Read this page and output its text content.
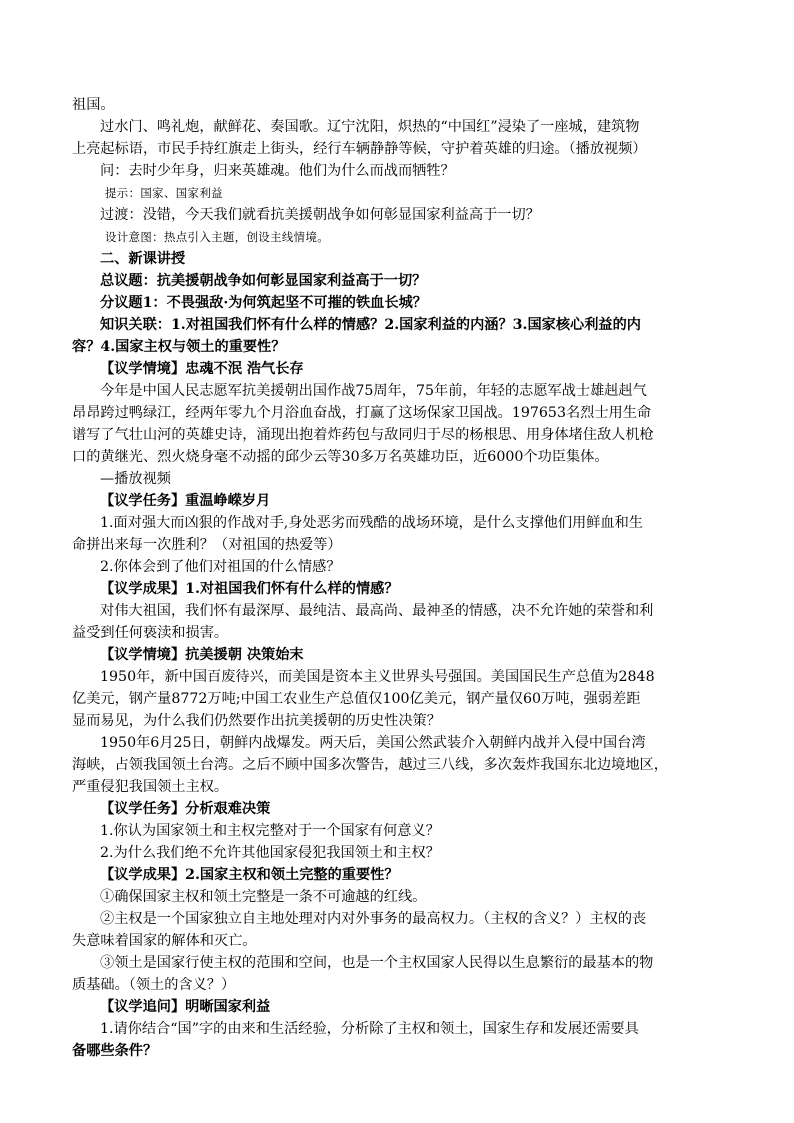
祖国。
过水门、鸣礼炮，献鲜花、奏国歌。辽宁沈阳，炽热的“中国红”浸染了一座城，建筑物
上亮起标语，市民手持红旗走上街头，经行车辆静静等候，守护着英雄的归途。（播放视频）
问：去时少年身，归来英雄魂。他们为什么而战而牺牲？
提示：国家、国家利益
过渡：没错，今天我们就看抗美援朝战争如何彰显国家利益高于一切？
设计意图：热点引入主题，创设主线情境。
二、新课讲授
总议题：抗美援朝战争如何彰显国家利益高于一切？
分议题1：不畏强敌·为何筑起坚不可摧的铁血长城？
知识关联：1.对祖国我们怀有什么样的情感？2.国家利益的内涵？3.国家核心利益的内
容？4.国家主权与领土的重要性？
【议学情境】忠魂不泯 浩气长存
今年是中国人民志愿军抗美援朝出国作战75周年，75年前，年轻的志愿军战士雄赳赳气
昂昂跨过鸭绿江，经两年零九个月浴血奋战，打赢了这场保家卫国战。197653名烈士用生命
谱写了气壮山河的英雄史诗，涌现出抱着炸药包与敌同归于尽的杨根思、用身体堵住敌人机枪
口的黄继光、烈火烧身毫不动摇的邱少云等30多万名英雄功臣，近6000个功臣集体。
—播放视频
【议学任务】重温峥嵘岁月
1.面对强大而凶狠的作战对手,身处恶劣而残酷的战场环境，是什么支撑他们用鲜血和生
命拼出来每一次胜利？（对祖国的热爱等）
2.你体会到了他们对祖国的什么情感？
【议学成果】1.对祖国我们怀有什么样的情感？
对伟大祖国，我们怀有最深厚、最纯洁、最高尚、最神圣的情感，决不允许她的荣誉和利
益受到任何亵渎和损害。
【议学情境】抗美援朝 决策始末
1950年，新中国百废待兴，而美国是资本主义世界头号强国。美国国民生产总值为2848
亿美元，钢产量8772万吨;中国工农业生产总值仅100亿美元，钢产量仅60万吨，强弱差距
显而易见，为什么我们仍然要作出抗美援朝的历史性决策？
1950年6月25日，朝鲜内战爆发。两天后，美国公然武装介入朝鲜内战并入侵中国台湾
海峡，占领我国领土台湾。之后不顾中国多次警告，越过三八线，多次轰炸我国东北边境地区，
严重侵犯我国领土主权。
【议学任务】分析艰难决策
1.你认为国家领土和主权完整对于一个国家有何意义？
2.为什么我们绝不允许其他国家侵犯我国领土和主权？
【议学成果】2.国家主权和领土完整的重要性？
①确保国家主权和领土完整是一条不可逾越的红线。
②主权是一个国家独立自主地处理对内对外事务的最高权力。（主权的含义？）主权的丧
失意味着国家的解体和灭亡。
③领土是国家行使主权的范围和空间，也是一个主权国家人民得以生息繁衍的最基本的物
质基础。（领土的含义？）
【议学追问】明晰国家利益
1.请你结合“国”字的由来和生活经验，分析除了主权和领土，国家生存和发展还需要具
备哪些条件？
